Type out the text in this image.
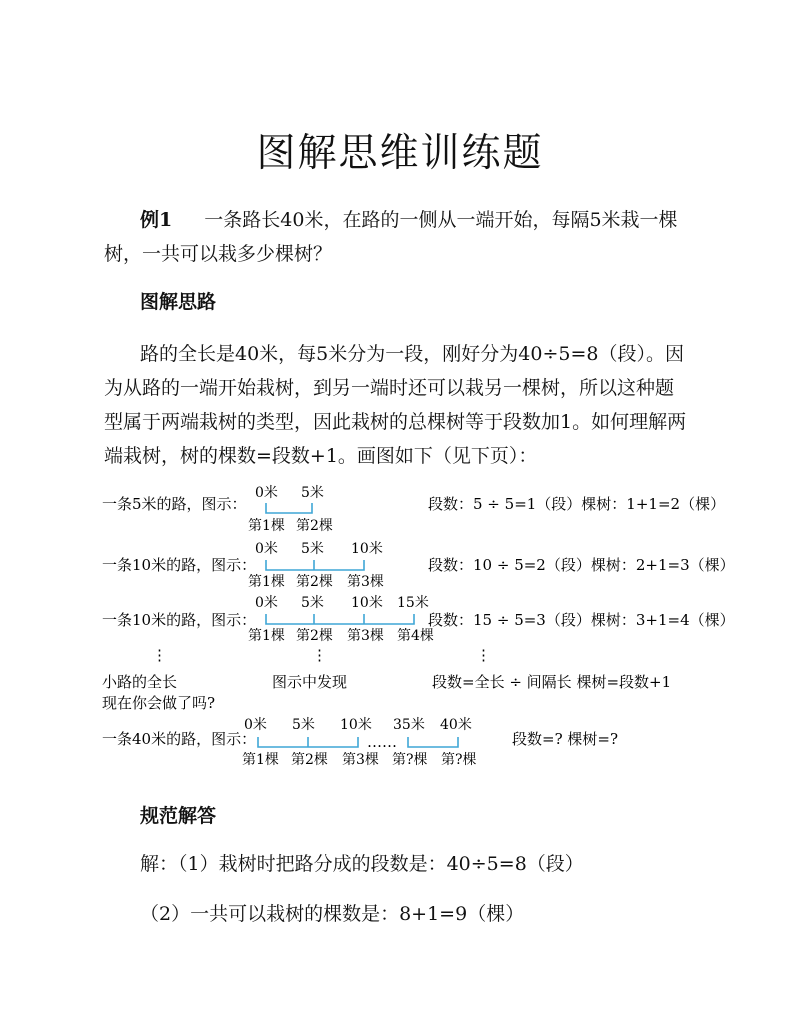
图解思维训练题
例1 一条路长40米，在路的一侧从一端开始，每隔5米栽一棵
树，一共可以栽多少棵树？
图解思路
路的全长是40米，每5米分为一段，刚好分为40÷5=8（段）。因
为从路的一端开始栽树，到另一端时还可以栽另一棵树，所以这种题
型属于两端栽树的类型，因此栽树的总棵树等于段数加1。如何理解两
端栽树，树的棵数=段数+1。画图如下（见下页）：
一条5米的路，图示：
0米 5米
第1棵 第2棵
段数：5 ÷ 5=1（段）棵树：1+1=2（棵）
一条10米的路，图示：
0米 5米 10米
第1棵 第2棵 第3棵
段数：10 ÷ 5=2（段）棵树：2+1=3（棵）
一条10米的路，图示：
0米 5米 10米 15米
第1棵 第2棵 第3棵 第4棵
段数：15 ÷ 5=3（段）棵树：3+1=4（棵）
⋮	⋮	⋮
小路的全长	图示中发现	段数=全长 ÷ 间隔长 棵树=段数+1
现在你会做了吗?
一条40米的路，图示：
0米 5米 10米 35米 40米
……
第1棵 第2棵 第3棵 第?棵 第?棵
段数=? 棵树=?
规范解答
解：（1）栽树时把路分成的段数是：40÷5=8（段）
（2）一共可以栽树的棵数是：8+1=9（棵）
